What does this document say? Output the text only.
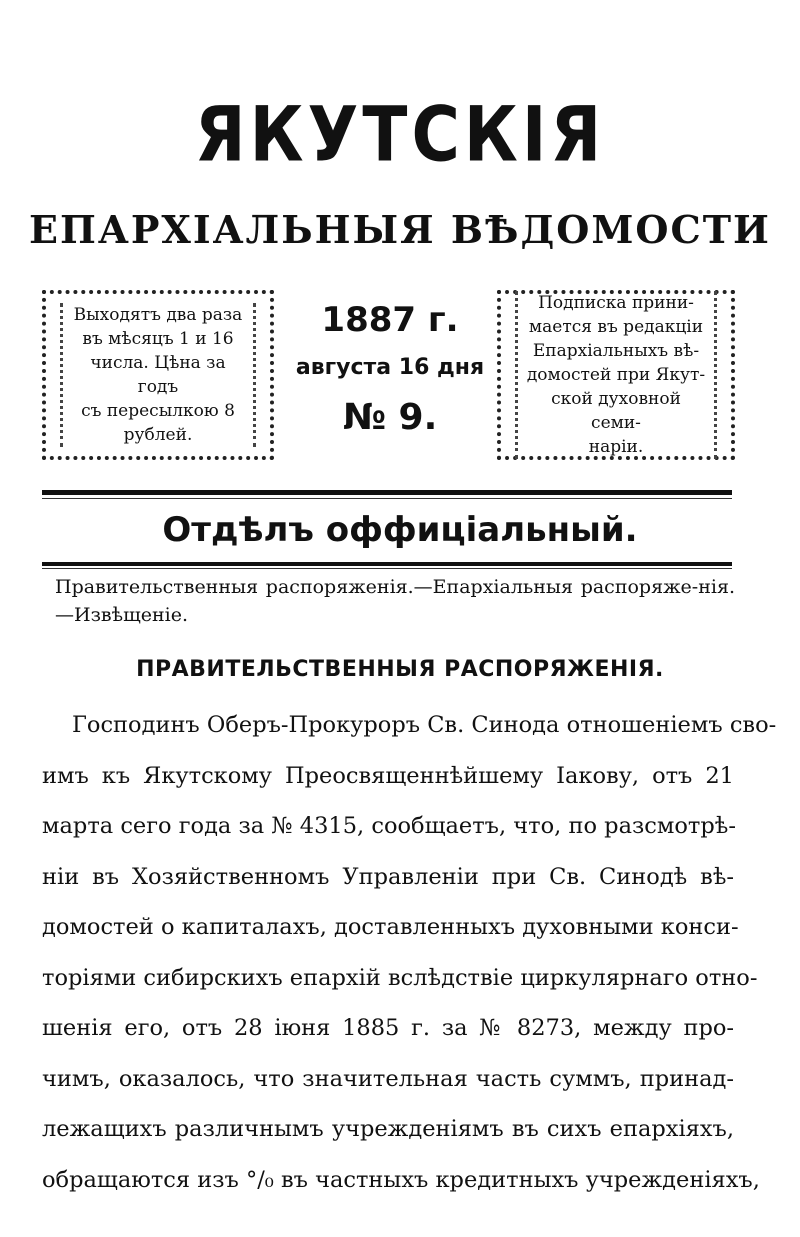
ЯКУТСКІЯ
ЕПАРХІАЛЬНЫЯ ВѢДОМОСТИ
Выходятъ два раза
въ мѣсяцъ 1 и 16
числа. Цѣна за годъ
съ пересылкою 8
рублей.
1887 г.
августа 16 дня
№ 9.
Подписка прини-
мается въ редакціи
Епархіальныхъ вѣ-
домостей при Якут-
ской духовной семи-
наріи.
Отдѣлъ оффиціальный.
Правительственныя распоряженія.—Епархіальныя распоряже-нія.—Извѣщеніе.
ПРАВИТЕЛЬСТВЕННЫЯ РАСПОРЯЖЕНІЯ.
Господинъ Оберъ-Прокуроръ Св. Синода отношеніемъ сво-
имъ къ Якутскому Преосвященнѣйшему Іакову, отъ 21
марта сего года за № 4315, сообщаетъ, что, по разсмотрѣ-
ніи въ Хозяйственномъ Управленіи при Св. Синодѣ вѣ-
домостей о капиталахъ, доставленныхъ духовными конси-
торіями сибирскихъ епархій вслѣдствіе циркулярнаго отно-
шенія его, отъ 28 іюня 1885 г. за № 8273, между про-
чимъ, оказалось, что значительная часть суммъ, принад-
лежащихъ различнымъ учрежденіямъ въ сихъ епархіяхъ,
обращаются изъ °/₀ въ частныхъ кредитныхъ учрежденіяхъ,
